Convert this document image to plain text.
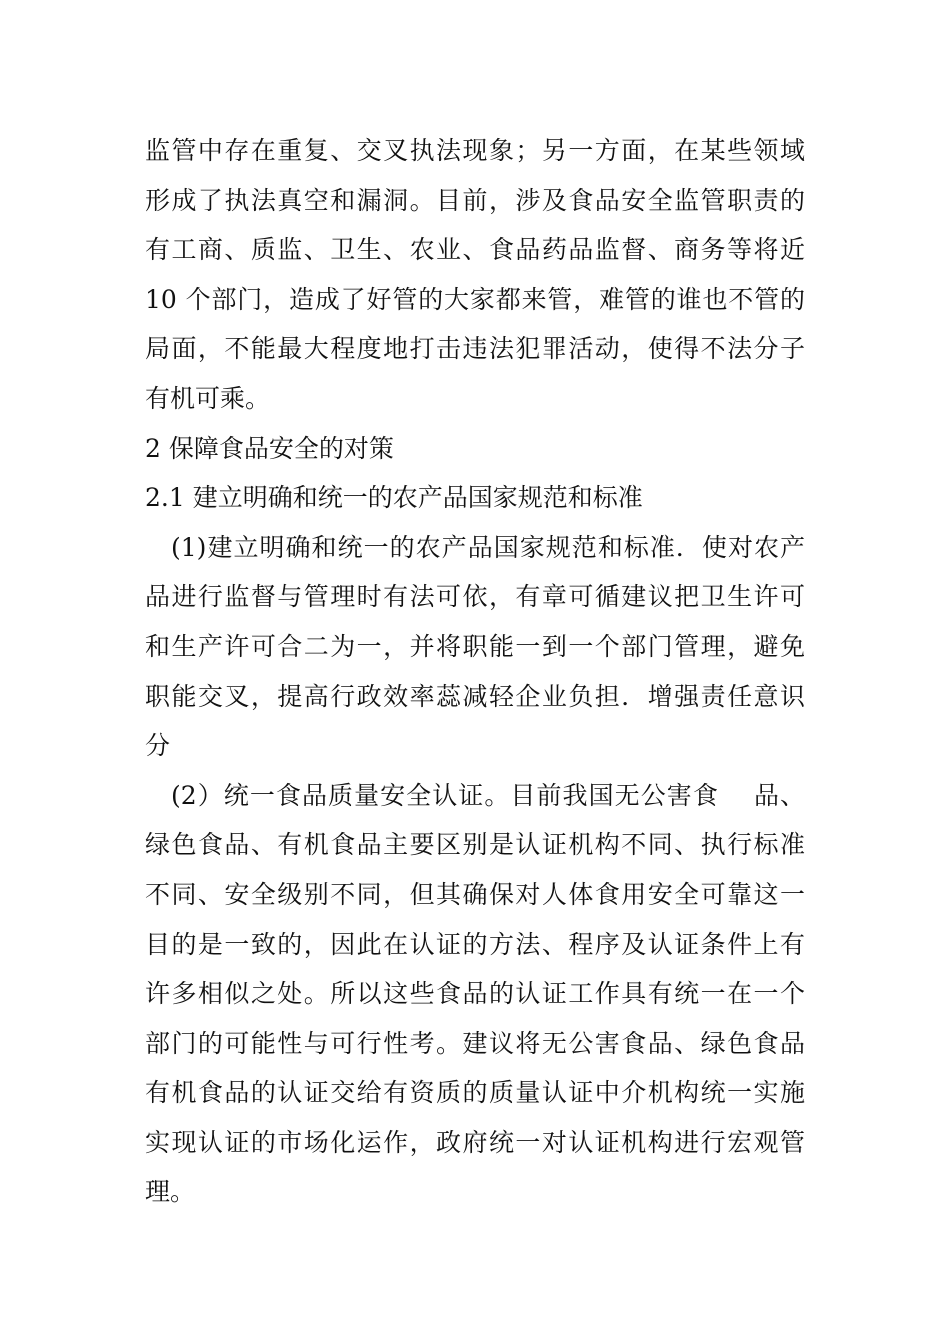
监管中存在重复、交叉执法现象；另一方面，在某些领域
形成了执法真空和漏洞。目前，涉及食品安全监管职责的
有工商、质监、卫生、农业、食品药品监督、商务等将近
10 个部门，造成了好管的大家都来管，难管的谁也不管的
局面，不能最大程度地打击违法犯罪活动，使得不法分子
有机可乘。
2 保障食品安全的对策
2.1 建立明确和统一的农产品国家规范和标准
(1)建立明确和统一的农产品国家规范和标准．使对农产
品进行监督与管理时有法可依，有章可循建议把卫生许可
和生产许可合二为一，并将职能一到一个部门管理，避免
职能交叉，提高行政效率蕊减轻企业负担．增强责任意识
分
(2）统一食品质量安全认证。目前我国无公害食　 品、
绿色食品、有机食品主要区别是认证机构不同、执行标准
不同、安全级别不同，但其确保对人体食用安全可靠这一
目的是一致的，因此在认证的方法、程序及认证条件上有
许多相似之处。所以这些食品的认证工作具有统一在一个
部门的可能性与可行性考。建议将无公害食品、绿色食品
有机食品的认证交给有资质的质量认证中介机构统一实施
实现认证的市场化运作，政府统一对认证机构进行宏观管
理。
